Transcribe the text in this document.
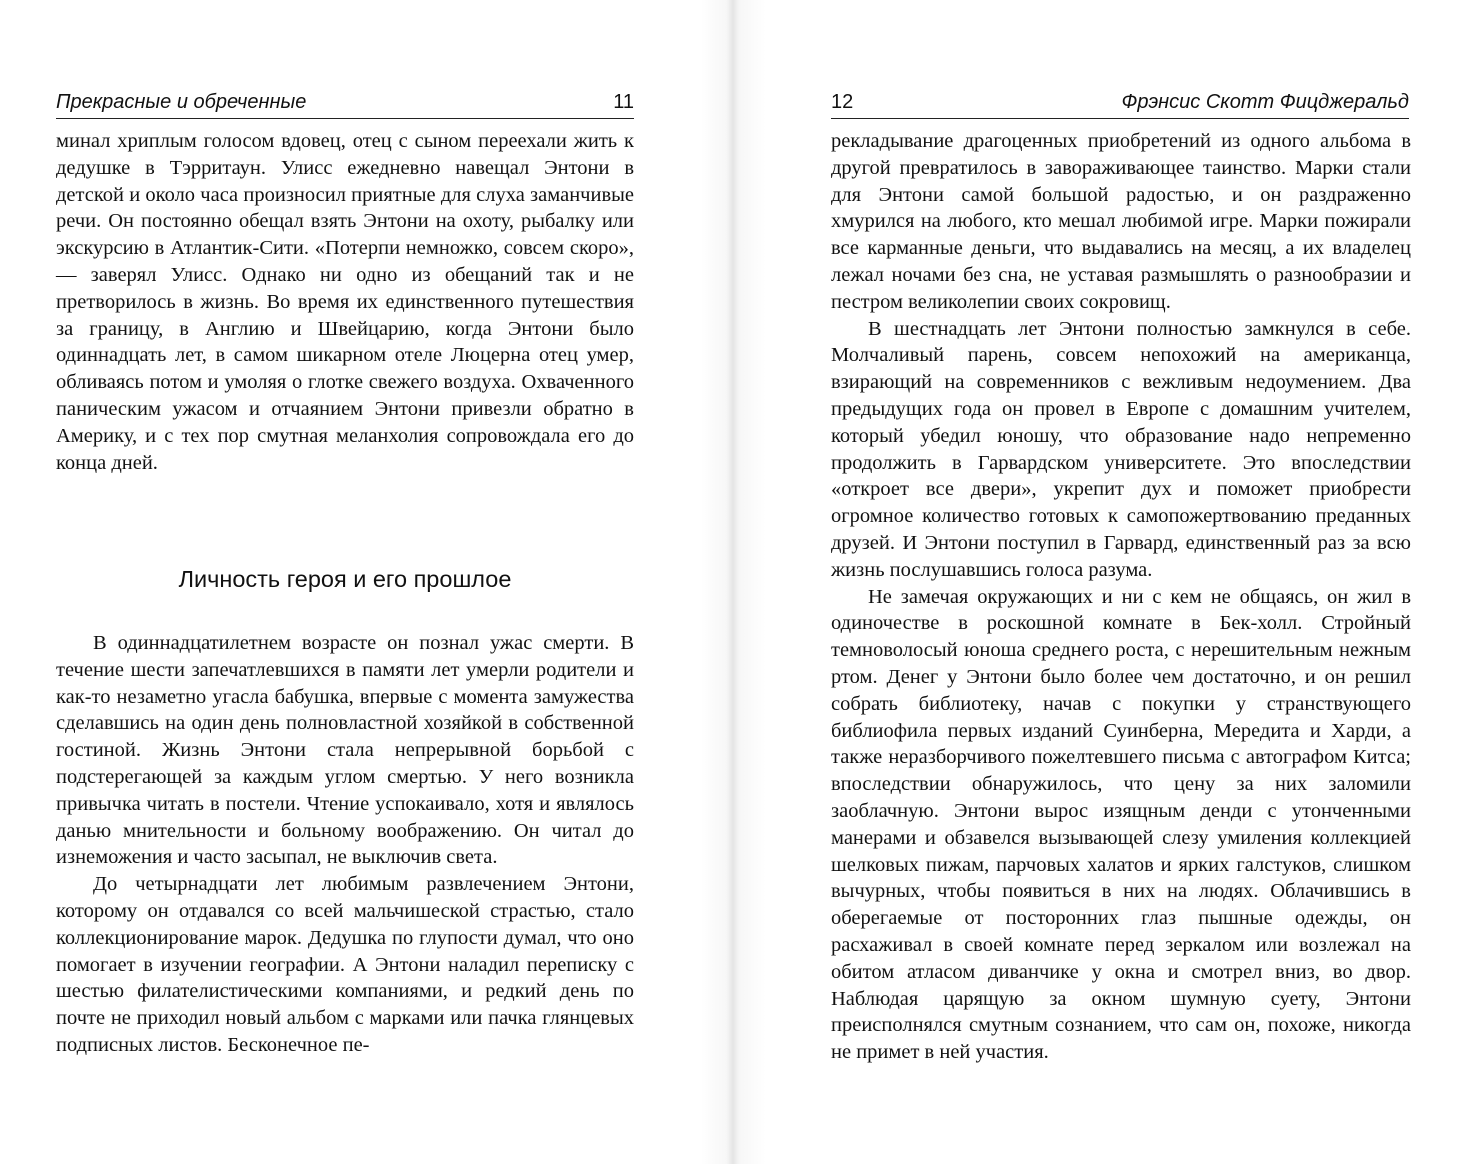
Прекрасные и обреченные	11

минал хриплым голосом вдовец, отец с сыном переехали жить к дедушке в Тэрритаун. Улисс ежедневно навещал Энтони в детской и около часа произносил приятные для слуха заманчивые речи. Он постоянно обещал взять Энтони на охоту, рыбалку или экскурсию в Атлантик-Сити. «Потерпи немножко, совсем скоро», — заверял Улисс. Однако ни одно из обещаний так и не претворилось в жизнь. Во время их единственного путешествия за границу, в Англию и Швейцарию, когда Энтони было одиннадцать лет, в самом шикарном отеле Люцерна отец умер, обливаясь потом и умоляя о глотке свежего воздуха. Охваченного паническим ужасом и отчаянием Энтони привезли обратно в Америку, и с тех пор смутная меланхолия сопровождала его до конца дней.

Личность героя и его прошлое

В одиннадцатилетнем возрасте он познал ужас смерти. В течение шести запечатлевшихся в памяти лет умерли родители и как-то незаметно угасла бабушка, впервые с момента замужества сделавшись на один день полновластной хозяйкой в собственной гостиной. Жизнь Энтони стала непрерывной борьбой с подстерегающей за каждым углом смертью. У него возникла привычка читать в постели. Чтение успокаивало, хотя и являлось данью мнительности и больному воображению. Он читал до изнеможения и часто засыпал, не выключив света.

До четырнадцати лет любимым развлечением Энтони, которому он отдавался со всей мальчишеской страстью, стало коллекционирование марок. Дедушка по глупости думал, что оно помогает в изучении географии. А Энтони наладил переписку с шестью филателистическими компаниями, и редкий день по почте не приходил новый альбом с марками или пачка глянцевых подписных листов. Бесконечное пе-

12	Фрэнсис Скотт Фицджеральд

рекладывание драгоценных приобретений из одного альбома в другой превратилось в завораживающее таинство. Марки стали для Энтони самой большой радостью, и он раздраженно хмурился на любого, кто мешал любимой игре. Марки пожирали все карманные деньги, что выдавались на месяц, а их владелец лежал ночами без сна, не уставая размышлять о разнообразии и пестром великолепии своих сокровищ.

В шестнадцать лет Энтони полностью замкнулся в себе. Молчаливый парень, совсем непохожий на американца, взирающий на современников с вежливым недоумением. Два предыдущих года он провел в Европе с домашним учителем, который убедил юношу, что образование надо непременно продолжить в Гарвардском университете. Это впоследствии «откроет все двери», укрепит дух и поможет приобрести огромное количество готовых к самопожертвованию преданных друзей. И Энтони поступил в Гарвард, единственный раз за всю жизнь послушавшись голоса разума.

Не замечая окружающих и ни с кем не общаясь, он жил в одиночестве в роскошной комнате в Бек-холл. Стройный темноволосый юноша среднего роста, с нерешительным нежным ртом. Денег у Энтони было более чем достаточно, и он решил собрать библиотеку, начав с покупки у странствующего библиофила первых изданий Суинберна, Мередита и Харди, а также неразборчивого пожелтевшего письма с автографом Китса; впоследствии обнаружилось, что цену за них заломили заоблачную. Энтони вырос изящным денди с утонченными манерами и обзавелся вызывающей слезу умиления коллекцией шелковых пижам, парчовых халатов и ярких галстуков, слишком вычурных, чтобы появиться в них на людях. Облачившись в оберегаемые от посторонних глаз пышные одежды, он расхаживал в своей комнате перед зеркалом или возлежал на обитом атласом диванчике у окна и смотрел вниз, во двор. Наблюдая царящую за окном шумную суету, Энтони преисполнялся смутным сознанием, что сам он, похоже, никогда не примет в ней участия.
